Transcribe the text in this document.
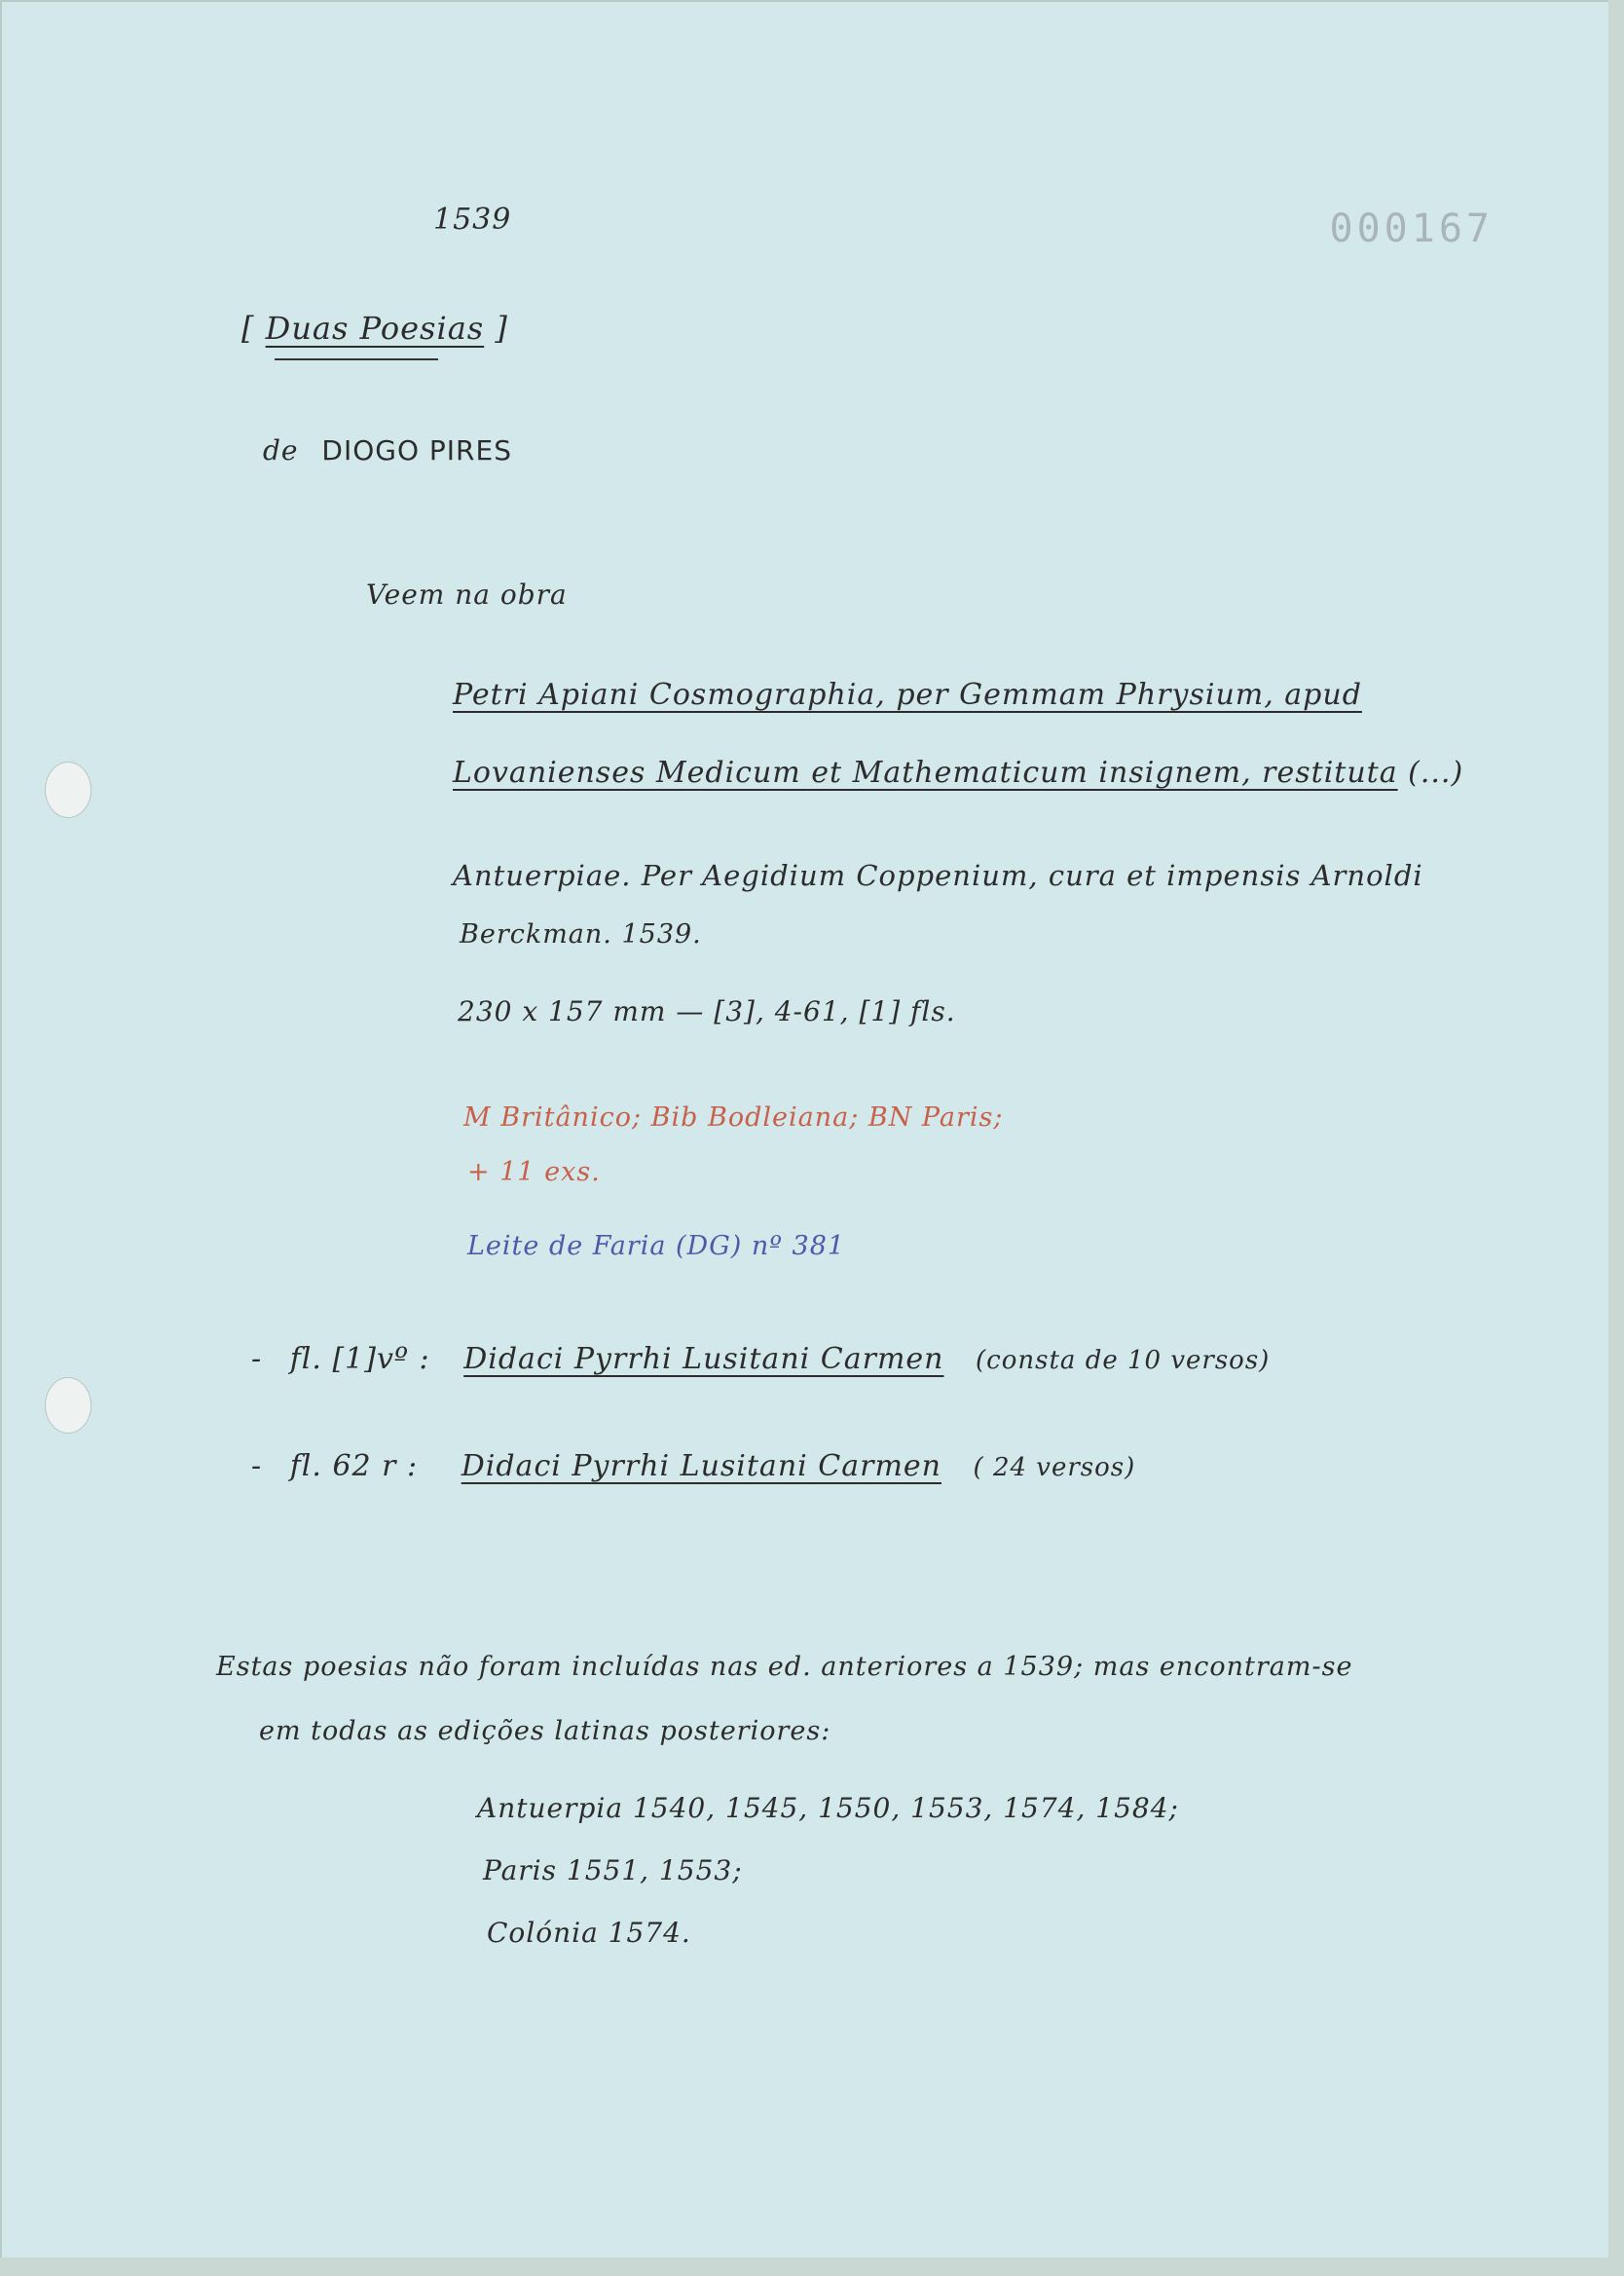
1539	000167
[ Duas Poesias ]
de DIOGO PIRES
Veem na obra
Petri Apiani Cosmographia, per Gemmam Phrysium, apud
Lovanienses Medicum et Mathematicum insignem, restituta (...)
Antuerpiae. Per Aegidium Coppenium, cura et impensis Arnoldi
Berckman. 1539.
230 x 157 mm — [3], 4-61, [1] fls.
M Britânico; Bib Bodleiana; BN Paris;
+ 11 exs.
Leite de Faria (DG) nº 381
- fl. [1]vº : Didaci Pyrrhi Lusitani Carmen (consta de 10 versos)
- fl. 62 r : Didaci Pyrrhi Lusitani Carmen ( 24 versos)
Estas poesias não foram incluídas nas ed. anteriores a 1539; mas encontram-se
em todas as edições latinas posteriores:
Antuerpia 1540, 1545, 1550, 1553, 1574, 1584;
Paris 1551, 1553;
Colónia 1574.
